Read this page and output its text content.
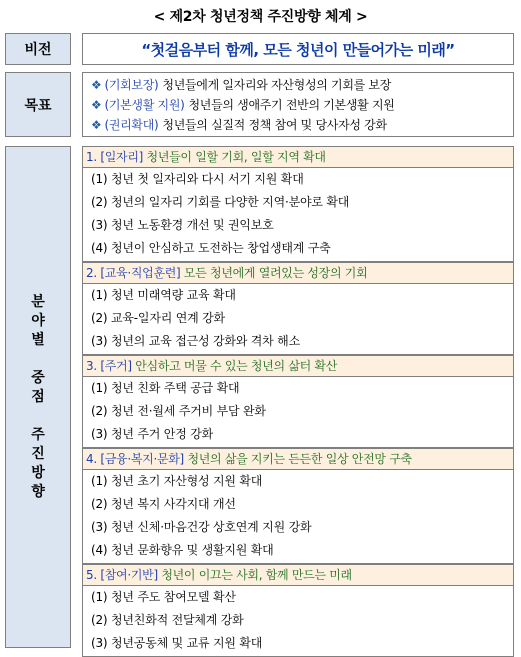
< 제2차 청년정책 주진방향 체계 >
비전	“첫걸음부터 함께, 모든 청년이 만들어가는 미래”
목표
❖ (기회보장) 청년들에게 일자리와 자산형성의 기회를 보장
❖ (기본생활 지원) 청년들의 생애주기 전반의 기본생활 지원
❖ (권리확대) 청년들의 실질적 정책 참여 및 당사자성 강화
분
야
별
중
점
주
진
방
향
1. [일자리] 청년들이 일할 기회, 일할 지역 확대
(1) 청년 첫 일자리와 다시 서기 지원 확대
(2) 청년의 일자리 기회를 다양한 지역·분야로 확대
(3) 청년 노동환경 개선 및 권익보호
(4) 청년이 안심하고 도전하는 창업생태계 구축
2. [교육·직업훈련] 모든 청년에게 열려있는 성장의 기회
(1) 청년 미래역량 교육 확대
(2) 교육-일자리 연계 강화
(3) 청년의 교육 접근성 강화와 격차 해소
3. [주거] 안심하고 머물 수 있는 청년의 삶터 확산
(1) 청년 친화 주택 공급 확대
(2) 청년 전·월세 주거비 부담 완화
(3) 청년 주거 안정 강화
4. [금융·복지·문화] 청년의 삶을 지키는 든든한 일상 안전망 구축
(1) 청년 초기 자산형성 지원 확대
(2) 청년 복지 사각지대 개선
(3) 청년 신체·마음건강 상호연계 지원 강화
(4) 청년 문화향유 및 생활지원 확대
5. [참여·기반] 청년이 이끄는 사회, 함께 만드는 미래
(1) 청년 주도 참여모델 확산
(2) 청년친화적 전달체계 강화
(3) 청년공동체 및 교류 지원 확대
